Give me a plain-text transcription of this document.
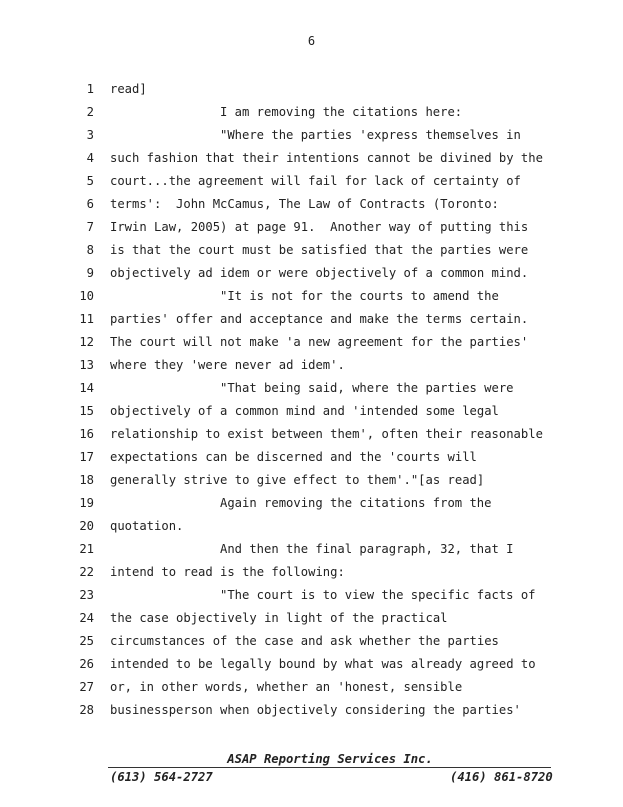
6
1 read]
2	I am removing the citations here:
3	"Where the parties 'express themselves in
4 such fashion that their intentions cannot be divined by the
5 court...the agreement will fail for lack of certainty of
6 terms':  John McCamus, The Law of Contracts (Toronto:
7 Irwin Law, 2005) at page 91.  Another way of putting this
8 is that the court must be satisfied that the parties were
9 objectively ad idem or were objectively of a common mind.
10	"It is not for the courts to amend the
11 parties' offer and acceptance and make the terms certain.
12 The court will not make 'a new agreement for the parties'
13 where they 'were never ad idem'.
14	"That being said, where the parties were
15 objectively of a common mind and 'intended some legal
16 relationship to exist between them', often their reasonable
17 expectations can be discerned and the 'courts will
18 generally strive to give effect to them'."[as read]
19	Again removing the citations from the
20 quotation.
21	And then the final paragraph, 32, that I
22 intend to read is the following:
23	"The court is to view the specific facts of
24 the case objectively in light of the practical
25 circumstances of the case and ask whether the parties
26 intended to be legally bound by what was already agreed to
27 or, in other words, whether an 'honest, sensible
28 businessperson when objectively considering the parties'
ASAP Reporting Services Inc.
(613) 564-2727	(416) 861-8720
